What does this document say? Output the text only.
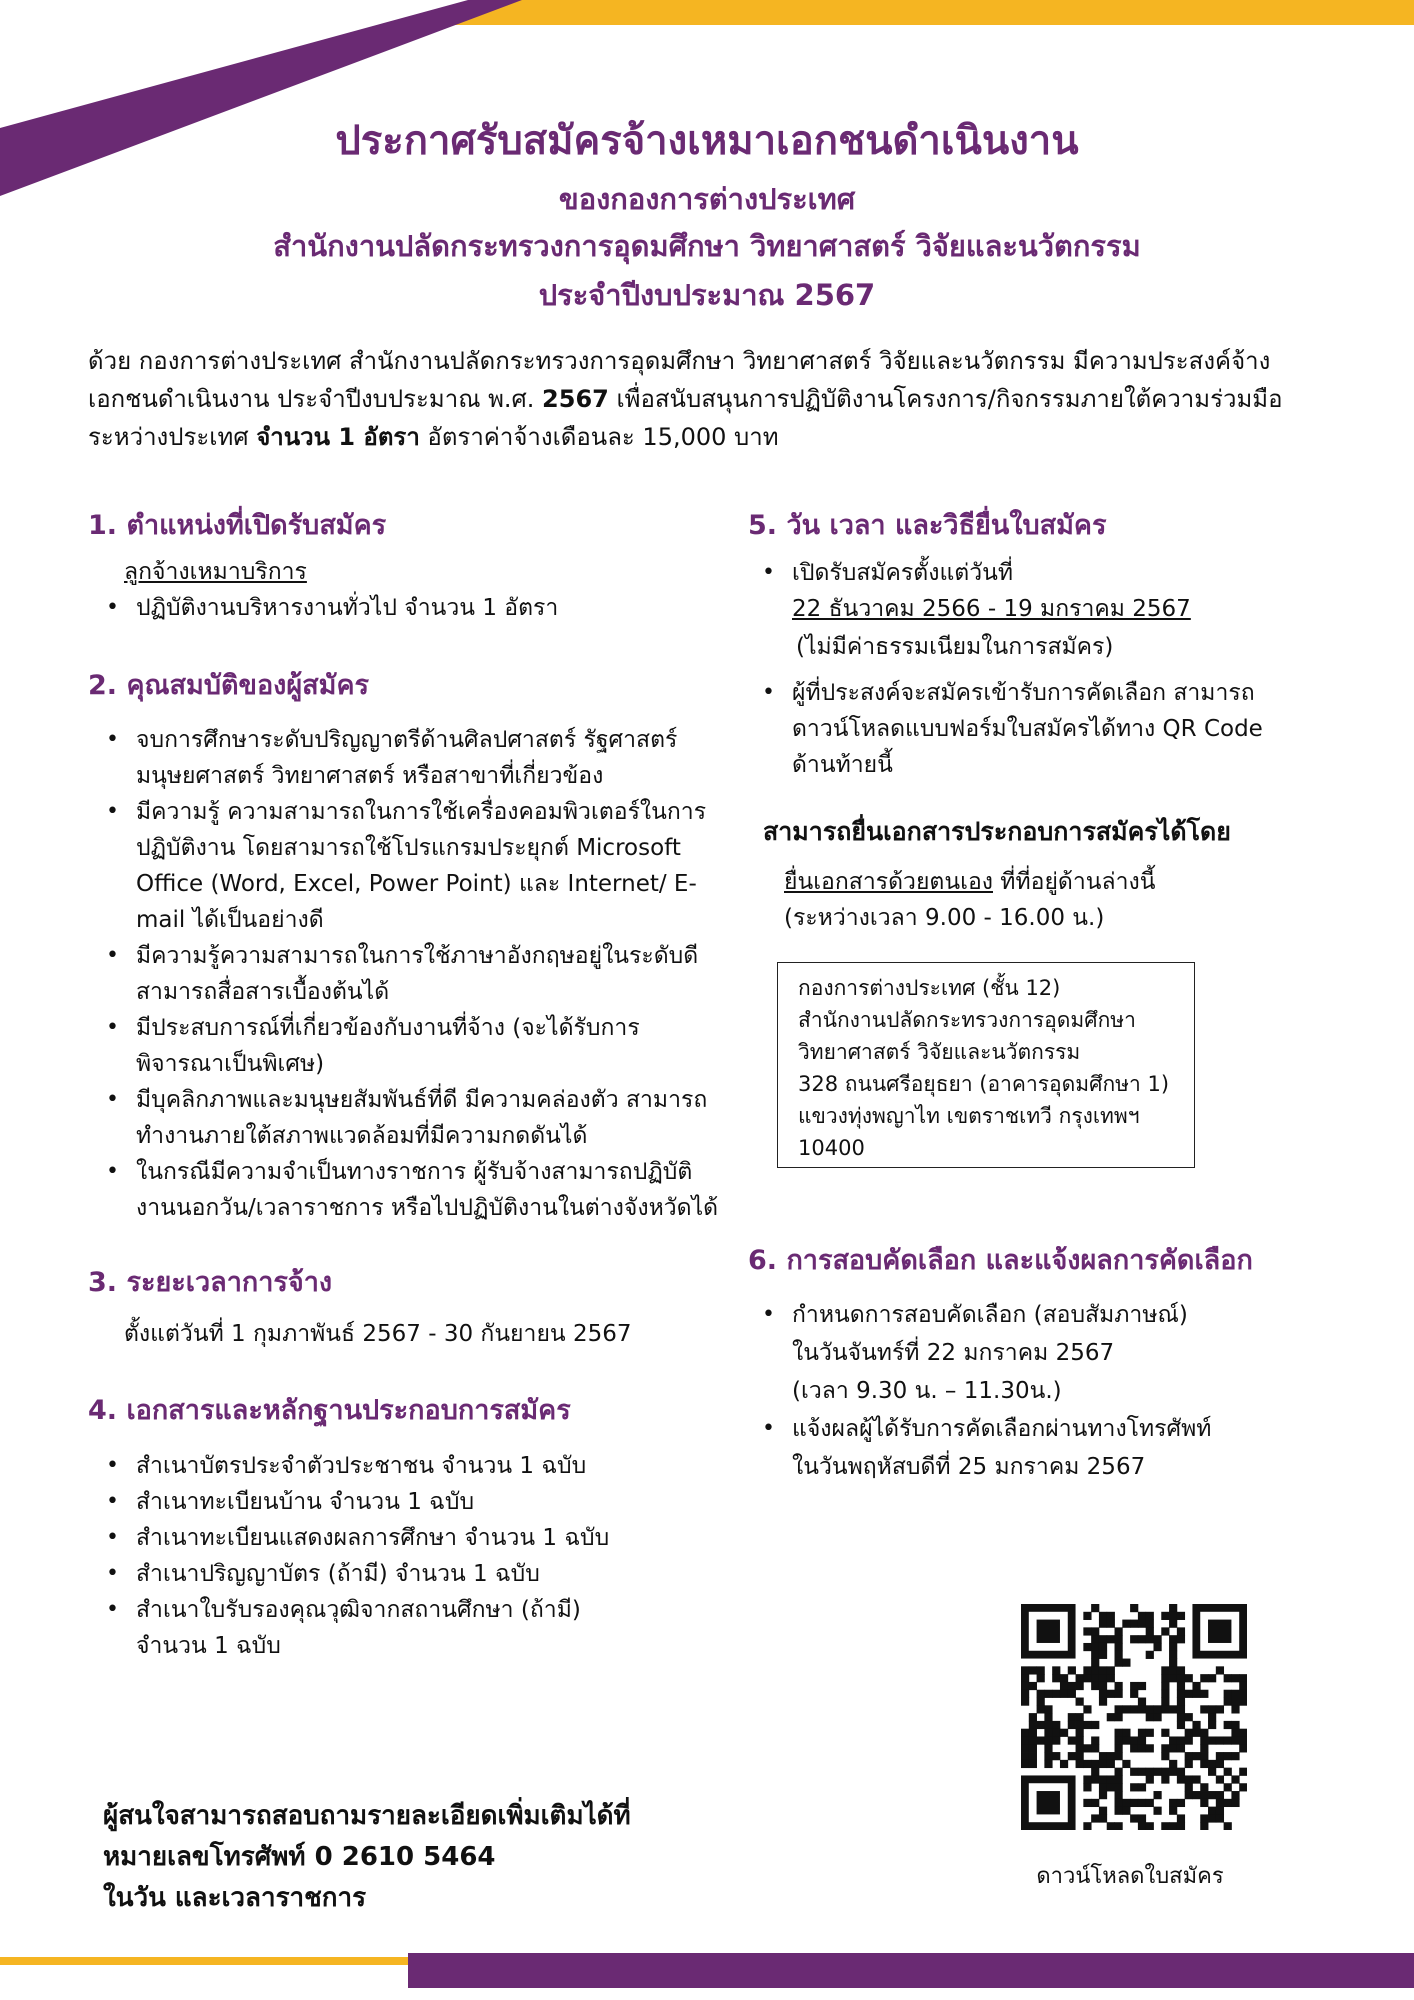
ประกาศรับสมัครจ้างเหมาเอกชนดำเนินงาน
ของกองการต่างประเทศ
สำนักงานปลัดกระทรวงการอุดมศึกษา วิทยาศาสตร์ วิจัยและนวัตกรรม
ประจำปีงบประมาณ 2567
ด้วย กองการต่างประเทศ สำนักงานปลัดกระทรวงการอุดมศึกษา วิทยาศาสตร์ วิจัยและนวัตกรรม มีความประสงค์จ้างเอกชนดำเนินงาน ประจำปีงบประมาณ พ.ศ. 2567 เพื่อสนับสนุนการปฏิบัติงานโครงการ/กิจกรรมภายใต้ความร่วมมือระหว่างประเทศ จำนวน 1 อัตรา อัตราค่าจ้างเดือนละ 15,000 บาท
1. ตำแหน่งที่เปิดรับสมัคร
ลูกจ้างเหมาบริการ
• ปฏิบัติงานบริหารงานทั่วไป จำนวน 1 อัตรา
2. คุณสมบัติของผู้สมัคร
• จบการศึกษาระดับปริญญาตรีด้านศิลปศาสตร์ รัฐศาสตร์ มนุษยศาสตร์ วิทยาศาสตร์ หรือสาขาที่เกี่ยวข้อง
• มีความรู้ ความสามารถในการใช้เครื่องคอมพิวเตอร์ในการปฏิบัติงาน โดยสามารถใช้โปรแกรมประยุกต์ Microsoft Office (Word, Excel, Power Point) และ Internet/ E-mail ได้เป็นอย่างดี
• มีความรู้ความสามารถในการใช้ภาษาอังกฤษอยู่ในระดับดี สามารถสื่อสารเบื้องต้นได้
• มีประสบการณ์ที่เกี่ยวข้องกับงานที่จ้าง (จะได้รับการพิจารณาเป็นพิเศษ)
• มีบุคลิกภาพและมนุษยสัมพันธ์ที่ดี มีความคล่องตัว สามารถทำงานภายใต้สภาพแวดล้อมที่มีความกดดันได้
• ในกรณีมีความจำเป็นทางราชการ ผู้รับจ้างสามารถปฏิบัติงานนอกวัน/เวลาราชการ หรือไปปฏิบัติงานในต่างจังหวัดได้
3. ระยะเวลาการจ้าง
ตั้งแต่วันที่ 1 กุมภาพันธ์ 2567 - 30 กันยายน 2567
4. เอกสารและหลักฐานประกอบการสมัคร
• สำเนาบัตรประจำตัวประชาชน จำนวน 1 ฉบับ
• สำเนาทะเบียนบ้าน จำนวน 1 ฉบับ
• สำเนาทะเบียนแสดงผลการศึกษา จำนวน 1 ฉบับ
• สำเนาปริญญาบัตร (ถ้ามี) จำนวน 1 ฉบับ
• สำเนาใบรับรองคุณวุฒิจากสถานศึกษา (ถ้ามี) จำนวน 1 ฉบับ
5. วัน เวลา และวิธียื่นใบสมัคร
• เปิดรับสมัครตั้งแต่วันที่
22 ธันวาคม 2566 - 19 มกราคม 2567
(ไม่มีค่าธรรมเนียมในการสมัคร)
• ผู้ที่ประสงค์จะสมัครเข้ารับการคัดเลือก สามารถดาวน์โหลดแบบฟอร์มใบสมัครได้ทาง QR Code ด้านท้ายนี้
สามารถยื่นเอกสารประกอบการสมัครได้โดย
ยื่นเอกสารด้วยตนเอง ที่ที่อยู่ด้านล่างนี้
(ระหว่างเวลา 9.00 - 16.00 น.)
กองการต่างประเทศ (ชั้น 12)
สำนักงานปลัดกระทรวงการอุดมศึกษา
วิทยาศาสตร์ วิจัยและนวัตกรรม
328 ถนนศรีอยุธยา (อาคารอุดมศึกษา 1)
แขวงทุ่งพญาไท เขตราชเทวี กรุงเทพฯ
10400
6. การสอบคัดเลือก และแจ้งผลการคัดเลือก
• กำหนดการสอบคัดเลือก (สอบสัมภาษณ์)
ในวันจันทร์ที่ 22 มกราคม 2567
(เวลา 9.30 น. – 11.30น.)
• แจ้งผลผู้ได้รับการคัดเลือกผ่านทางโทรศัพท์
ในวันพฤหัสบดีที่ 25 มกราคม 2567
ผู้สนใจสามารถสอบถามรายละเอียดเพิ่มเติมได้ที่
หมายเลขโทรศัพท์ 0 2610 5464
ในวัน และเวลาราชการ
ดาวน์โหลดใบสมัคร
